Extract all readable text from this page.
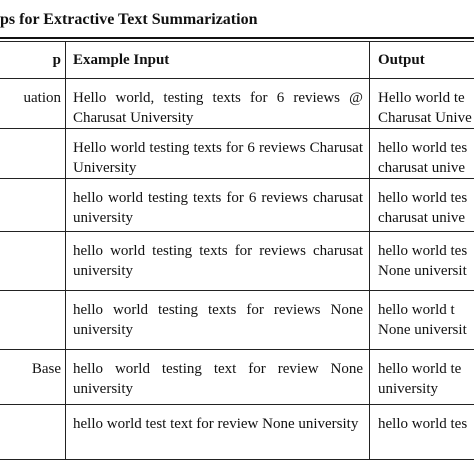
ps for Extractive Text Summarization
p	Example Input	Output

uation	Hello world, testing texts for 6 reviews @ Charusat University	Hello world te
Charusat Unive

	Hello world testing texts for 6 reviews Charusat University	hello world tes
charusat unive

	hello world testing texts for 6 reviews charusat university	hello world tes
charusat unive

	hello world testing texts for reviews charusat university	hello world tes
None universit

	hello world testing texts for reviews None university	hello world t
None universit

Base	hello world testing text for review None university	hello world te
university

	hello world test text for review None university	hello world tes
